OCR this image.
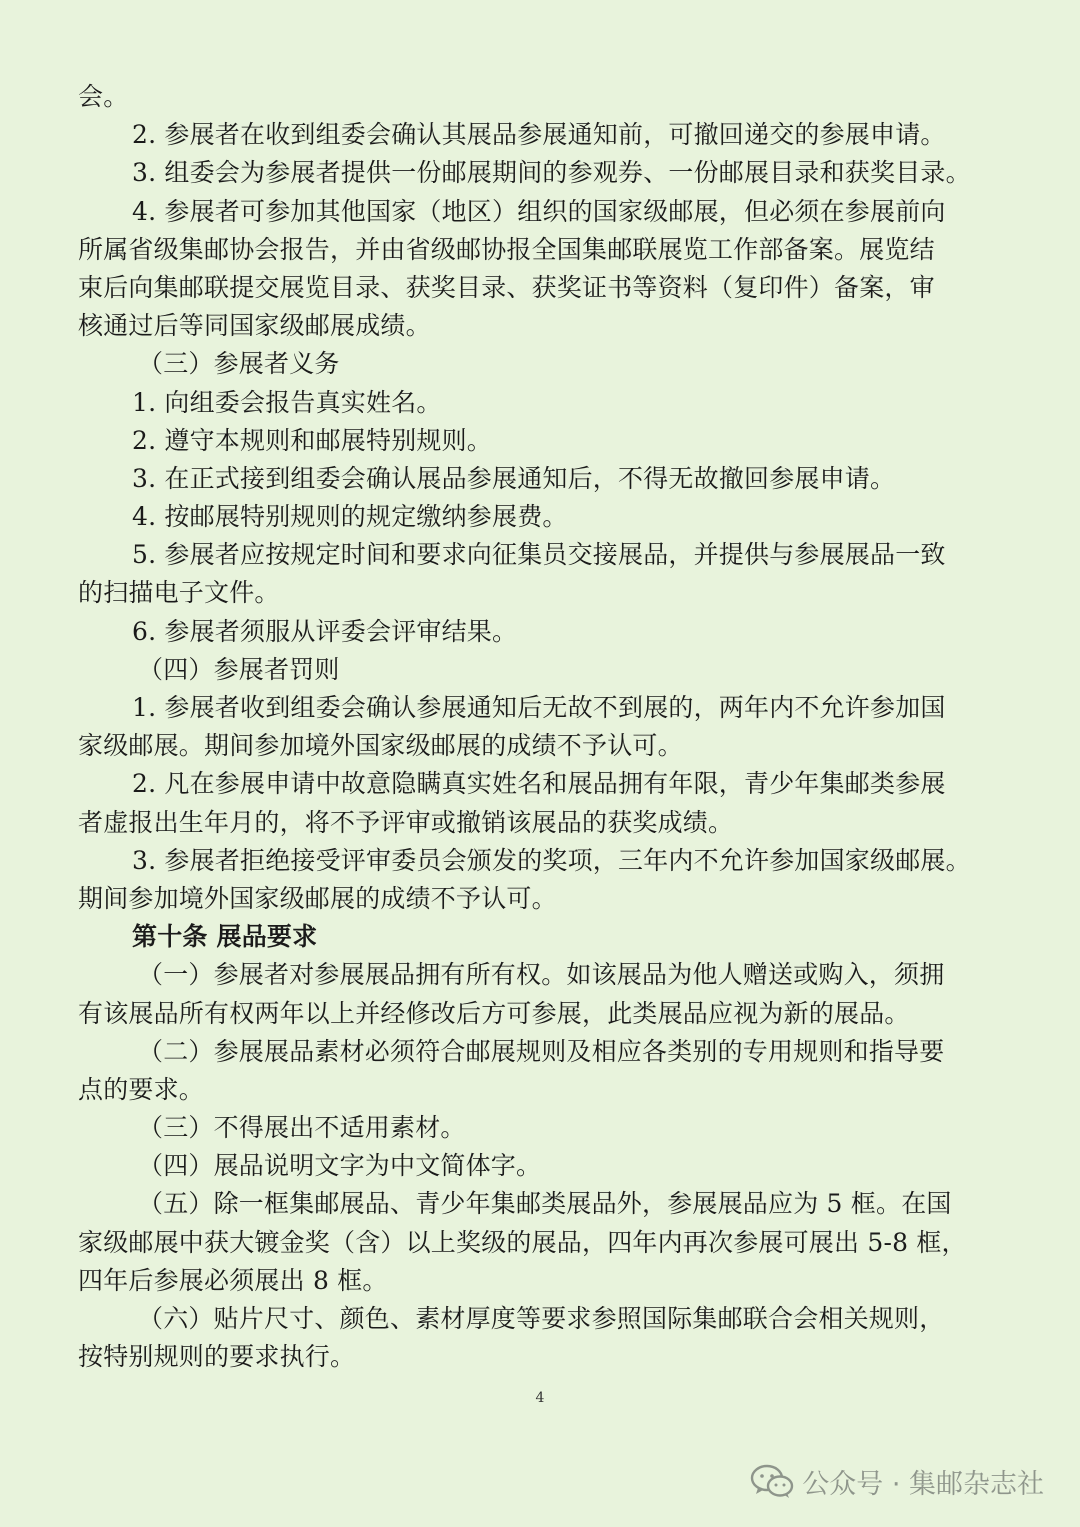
会。
2. 参展者在收到组委会确认其展品参展通知前，可撤回递交的参展申请。
3. 组委会为参展者提供一份邮展期间的参观券、一份邮展目录和获奖目录。
4. 参展者可参加其他国家（地区）组织的国家级邮展，但必须在参展前向
所属省级集邮协会报告，并由省级邮协报全国集邮联展览工作部备案。展览结
束后向集邮联提交展览目录、获奖目录、获奖证书等资料（复印件）备案，审
核通过后等同国家级邮展成绩。
（三）参展者义务
1. 向组委会报告真实姓名。
2. 遵守本规则和邮展特别规则。
3. 在正式接到组委会确认展品参展通知后，不得无故撤回参展申请。
4. 按邮展特别规则的规定缴纳参展费。
5. 参展者应按规定时间和要求向征集员交接展品，并提供与参展展品一致
的扫描电子文件。
6. 参展者须服从评委会评审结果。
（四）参展者罚则
1. 参展者收到组委会确认参展通知后无故不到展的，两年内不允许参加国
家级邮展。期间参加境外国家级邮展的成绩不予认可。
2. 凡在参展申请中故意隐瞒真实姓名和展品拥有年限，青少年集邮类参展
者虚报出生年月的，将不予评审或撤销该展品的获奖成绩。
3. 参展者拒绝接受评审委员会颁发的奖项，三年内不允许参加国家级邮展。
期间参加境外国家级邮展的成绩不予认可。
第十条 展品要求
（一）参展者对参展展品拥有所有权。如该展品为他人赠送或购入，须拥
有该展品所有权两年以上并经修改后方可参展，此类展品应视为新的展品。
（二）参展展品素材必须符合邮展规则及相应各类别的专用规则和指导要
点的要求。
（三）不得展出不适用素材。
（四）展品说明文字为中文简体字。
（五）除一框集邮展品、青少年集邮类展品外，参展展品应为 5 框。在国
家级邮展中获大镀金奖（含）以上奖级的展品，四年内再次参展可展出 5-8 框，
四年后参展必须展出 8 框。
（六）贴片尺寸、颜色、素材厚度等要求参照国际集邮联合会相关规则，
按特别规则的要求执行。
4
公众号 · 集邮杂志社
